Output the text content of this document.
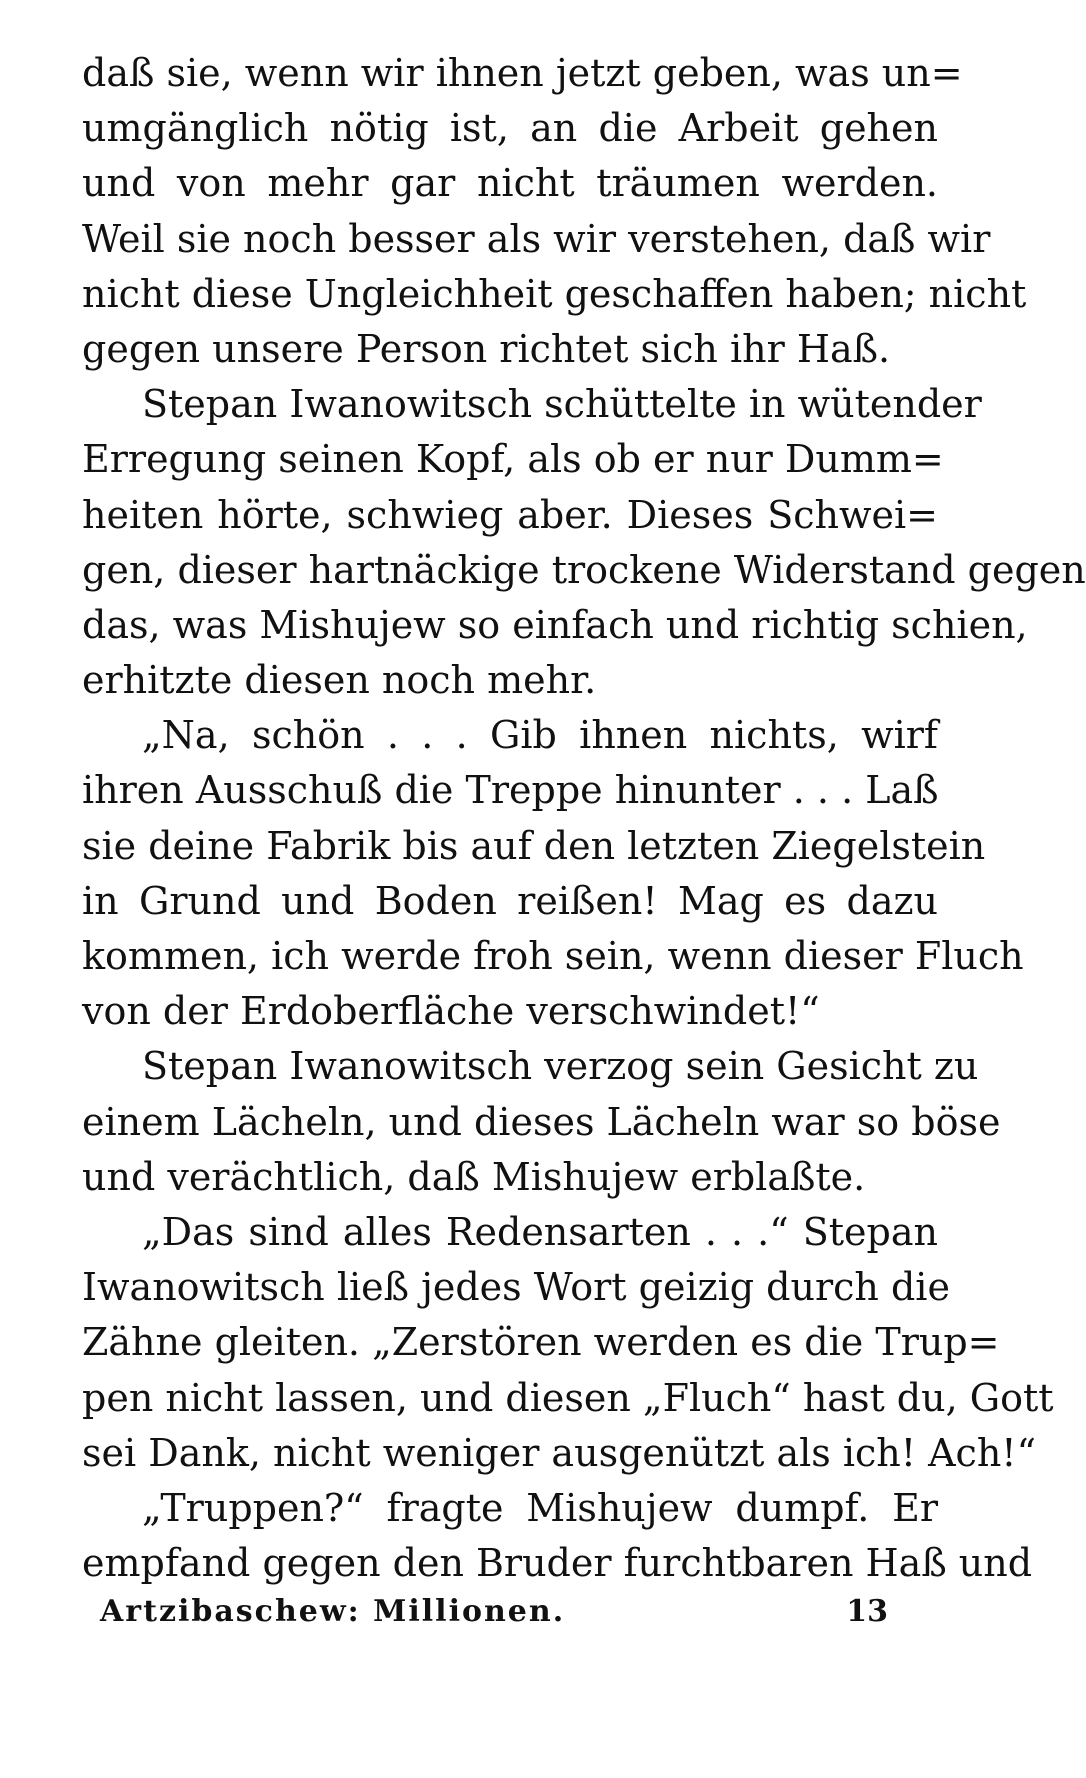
daß sie, wenn wir ihnen jetzt geben, was un=
umgänglich nötig ist, an die Arbeit gehen
und von mehr gar nicht träumen werden.
Weil sie noch besser als wir verstehen, daß wir
nicht diese Ungleichheit geschaffen haben; nicht
gegen unsere Person richtet sich ihr Haß.
Stepan Iwanowitsch schüttelte in wütender
Erregung seinen Kopf, als ob er nur Dumm=
heiten hörte, schwieg aber. Dieses Schwei=
gen, dieser hartnäckige trockene Widerstand gegen
das, was Mishujew so einfach und richtig schien,
erhitzte diesen noch mehr.
„Na, schön . . . Gib ihnen nichts, wirf
ihren Ausschuß die Treppe hinunter . . . Laß
sie deine Fabrik bis auf den letzten Ziegelstein
in Grund und Boden reißen! Mag es dazu
kommen, ich werde froh sein, wenn dieser Fluch
von der Erdoberfläche verschwindet!“
Stepan Iwanowitsch verzog sein Gesicht zu
einem Lächeln, und dieses Lächeln war so böse
und verächtlich, daß Mishujew erblaßte.
„Das sind alles Redensarten . . .“ Stepan
Iwanowitsch ließ jedes Wort geizig durch die
Zähne gleiten. „Zerstören werden es die Trup=
pen nicht lassen, und diesen „Fluch“ hast du, Gott
sei Dank, nicht weniger ausgenützt als ich! Ach!“
„Truppen?“ fragte Mishujew dumpf. Er
empfand gegen den Bruder furchtbaren Haß und
Artzibaschew: Millionen.	13
